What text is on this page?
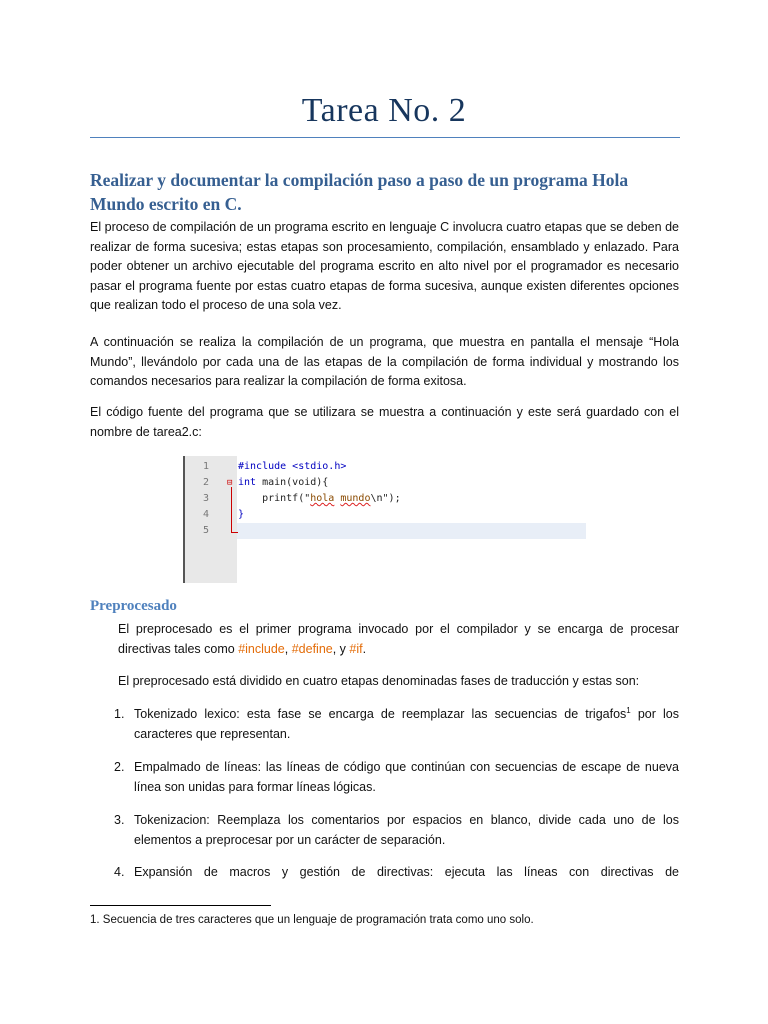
Tarea No. 2
Realizar y documentar la compilación paso a paso de un programa Hola Mundo escrito en C.
El proceso de compilación de un programa escrito en lenguaje C involucra cuatro etapas que se deben de realizar de forma sucesiva; estas etapas son procesamiento, compilación, ensamblado y enlazado. Para poder obtener un archivo ejecutable del programa escrito en alto nivel por el programador es necesario pasar el programa fuente por estas cuatro etapas de forma sucesiva, aunque existen diferentes opciones que realizan todo el proceso de una sola vez.
A continuación se realiza la compilación de un programa, que muestra en pantalla el mensaje “Hola Mundo”, llevándolo por cada una de las etapas de la compilación de forma individual y mostrando los comandos necesarios para realizar la compilación de forma exitosa.
El código fuente del programa que se utilizara se muestra a continuación y este será guardado con el nombre de tarea2.c:
1	#include <stdio.h>
2 ⊟ int main(void){
3	printf("hola mundo\n");
4	}
5
Preprocesado
El preprocesado es el primer programa invocado por el compilador y se encarga de procesar directivas tales como #include, #define, y #if.
El preprocesado está dividido en cuatro etapas denominadas fases de traducción y estas son:
1. Tokenizado lexico: esta fase se encarga de reemplazar las secuencias de trigafos$^1$ por los caracteres que representan.
2. Empalmado de líneas: las líneas de código que continúan con secuencias de escape de nueva línea son unidas para formar líneas lógicas.
3. Tokenizacion: Reemplaza los comentarios por espacios en blanco, divide cada uno de los elementos a preprocesar por un carácter de separación.
4. Expansión de macros y gestión de directivas: ejecuta las líneas con directivas de
1. Secuencia de tres caracteres que un lenguaje de programación trata como uno solo.
